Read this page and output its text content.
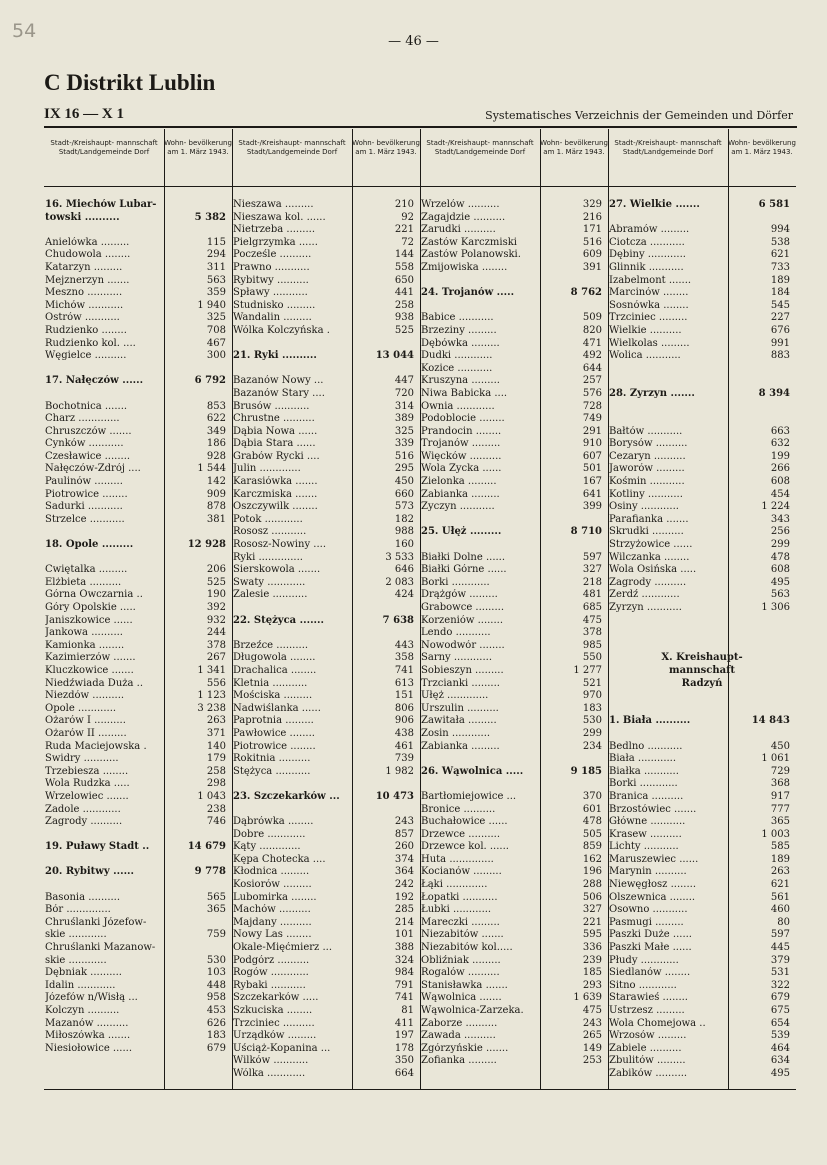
54	— 46 —
C Distrikt Lublin
IX 16 — X 1	Systematisches Verzeichnis der Gemeinden und Dörfer
Stadt-/Kreishaupt- mannschaft Stadt/Landgemeinde Dorf
Wohn- bevölkerung am 1. März 1943.
16. Miechów Lubar-
towski ..........	5 382
Anielówka .........	115
Chudowola ........	294
Katarzyn .........	311
Mejznerzyn .......	563
Meszno ...........	359
Michów ...........	1 940
Ostrów ...........	325
Rudzienko ........	708
Rudzienko kol. ....	467
Węgielce ..........	300
17. Nałęczów ......	6 792
Bochotnica .......	853
Charz .............	622
Chruszczów .......	349
Cynków ...........	186
Czesławice ........	928
Nałęczów-Zdrój ....	1 544
Paulinów .........	142
Piotrowice ........	909
Sadurki ...........	878
Strzelce ...........	381
18. Opole .........	12 928
Cwiętalka .........	206
Elżbieta ..........	525
Górna Owczarnia ..	190
Góry Opolskie .....	392
Janiszkowice ......	932
Jankowa ..........	244
Kamionka ........	378
Kazimierzów .......	267
Kluczkowice .......	1 341
Niedźwiada Duża ..	556
Niezdów ..........	1 123
Opole ............	3 238
Ożarów I ..........	263
Ożarów II .........	371
Ruda Maciejowska .	140
Świdry ...........	179
Trzebiesza ........	258
Wola Rudzka .....	298
Wrzelowiec .......	1 043
Zadole ............	238
Zagrody ..........	746
19. Puławy Stadt ..	14 679
20. Rybitwy ......	9 778
Basonia ..........	565
Bór ..............	365
Chruślanki Józefow-
skie ............	759
Chruślanki Mazanow-
skie ............	530
Dębniak ..........	103
Idalin ............	448
Józefów n/Wisłą ...	958
Kolczyn ..........	453
Mazanów ..........	626
Miłoszówka .......	183
Niesiołowice ......	679
Stadt-/Kreishaupt- mannschaft Stadt/Landgemeinde Dorf
Wohn- bevölkerung am 1. März 1943.
Nieszawa .........	210
Nieszawa kol. ......	92
Nietrzeba .........	221
Pielgrzymka ......	72
Pocześle ..........	144
Prawno ...........	558
Rybitwy ..........	650
Spławy ...........	441
Studnisko .........	258
Wandalin .........	938
Wólka Kolczyńska .	525
21. Ryki ..........	13 044
Bazanów Nowy ...	447
Bazanów Stary ....	720
Brusów ...........	314
Chrustne ..........	389
Dąbia Nowa ......	325
Dąbia Stara ......	339
Grabów Rycki ....	516
Julin .............	295
Karasiówka .......	450
Karczmiska .......	660
Oszczywilk ........	573
Potok ............	182
Rososz ...........	988
Rososz-Nowiny ....	160
Ryki ..............	3 533
Sierskowola .......	646
Swaty ............	2 083
Zalesie ...........	424
22. Stężyca .......	7 638
Brzeźce ..........	443
Długowola ........	358
Drachalica ........	741
Kletnia ...........	613
Mościska .........	151
Nadwiślanka ......	806
Paprotnia .........	906
Pawłowice ........	438
Piotrowice ........	461
Rokitnia ..........	739
Stężyca ...........	1 982
23. Szczekarków ...	10 473
Dąbrówka ........	243
Dobre ............	857
Kąty .............	260
Kępa Chotecka ....	374
Kłodnica .........	364
Kosiorów .........	242
Lubomirka ........	192
Machów ..........	285
Majdany ..........	214
Nowy Las ........	101
Okale-Mięćmierz ...	388
Podgórz ..........	324
Rogów ............	984
Rybaki ...........	791
Szczekarków .....	741
Szkuciska ........	81
Trzciniec ..........	411
Urządków .........	197
Uściąż-Kopanina ...	178
Wilków ...........	350
Wólka ............	664
Stadt-/Kreishaupt- mannschaft Stadt/Landgemeinde Dorf
Wohn- bevölkerung am 1. März 1943.
Wrzelów ..........	329
Zagajdzie ..........	216
Zarudki ..........	171
Zastów Karczmiski	516
Zastów Polanowski.	609
Żmijowiska ........	391
24. Trojanów .....	8 762
Babice ...........	509
Brzeziny .........	820
Dębówka .........	471
Dudki ............	492
Kozice ...........	644
Kruszyna .........	257
Niwa Babicka ....	576
Ownia ............	728
Podoblocie ........	749
Prandocin ........	291
Trojanów .........	910
Więcków ..........	607
Wola Życka ......	501
Zielonka .........	167
Żabianka .........	641
Życzyn ...........	399
25. Ułęż .........	8 710
Białki Dolne ......	597
Białki Górne ......	327
Borki ............	218
Drążgów .........	481
Grabowce .........	685
Korzeniów ........	475
Lendo ...........	378
Nowodwór ........	985
Sarny ............	550
Sobieszyn .........	1 277
Trzcianki .........	521
Ułęż .............	970
Urszulin ..........	183
Zawitała .........	530
Zosin ............	299
Żabianka .........	234
26. Wąwolnica .....	9 185
Bartłomiejowice ...	370
Bronice ..........	601
Buchałowice ......	478
Drzewce ..........	505
Drzewce kol. ......	859
Huta ..............	162
Kocianów .........	196
Łąki .............	288
Łopatki ...........	506
Łubki ............	327
Mareczki .........	221
Niezabitów .......	595
Niezabitów kol.....	336
Obliźniak .........	239
Rogalów ..........	185
Stanisławka .......	293
Wąwolnica .......	1 639
Wąwolnica-Zarzeka.	475
Zaborze ..........	243
Zawada ..........	265
Zgórzyńskie .......	149
Zofianka .........	253
Stadt-/Kreishaupt- mannschaft Stadt/Landgemeinde Dorf
Wohn- bevölkerung am 1. März 1943.
27. Wielkie .......	6 581
Abramów .........	994
Ciotcza ...........	538
Dębiny ............	621
Glinnik ...........	733
Izabelmont .......	189
Marcinów ........	184
Sosnówka ........	545
Trzciniec .........	227
Wielkie ..........	676
Wielkolas .........	991
Wolica ...........	883
28. Żyrzyn .......	8 394
Bałtów ...........	663
Borysów ..........	632
Cezaryn ..........	199
Jaworów .........	266
Kośmin ...........	608
Kotliny ...........	454
Osiny ............	1 224
Parafianka .......	343
Skrudki ..........	256
Strzyżowice ......	299
Wilczanka ........	478
Wola Osińska .....	608
Zagrody ..........	495
Żerdź ............	563
Żyrzyn ...........	1 306
X. Kreishaupt-
mannschaft
Radzyń
1. Biała ..........	14 843
Bedlno ...........	450
Biała ............	1 061
Białka ...........	729
Borki ............	368
Branica ..........	917
Brzostówiec .......	777
Główne ...........	365
Krasew ..........	1 003
Lichty ...........	585
Maruszewiec ......	189
Marynin ..........	263
Niewęgłosz ........	621
Olszewnica ........	561
Osowno ...........	460
Pasmugi .........	80
Paszki Duże ......	597
Paszki Małe ......	445
Płudy ............	379
Siedlanów ........	531
Sitno ............	322
Starawieś ........	679
Ustrzesz .........	675
Wola Chomejowa ..	654
Wrzosów .........	539
Zabiele ..........	464
Zbulitów .........	634
Żabików ..........	495
